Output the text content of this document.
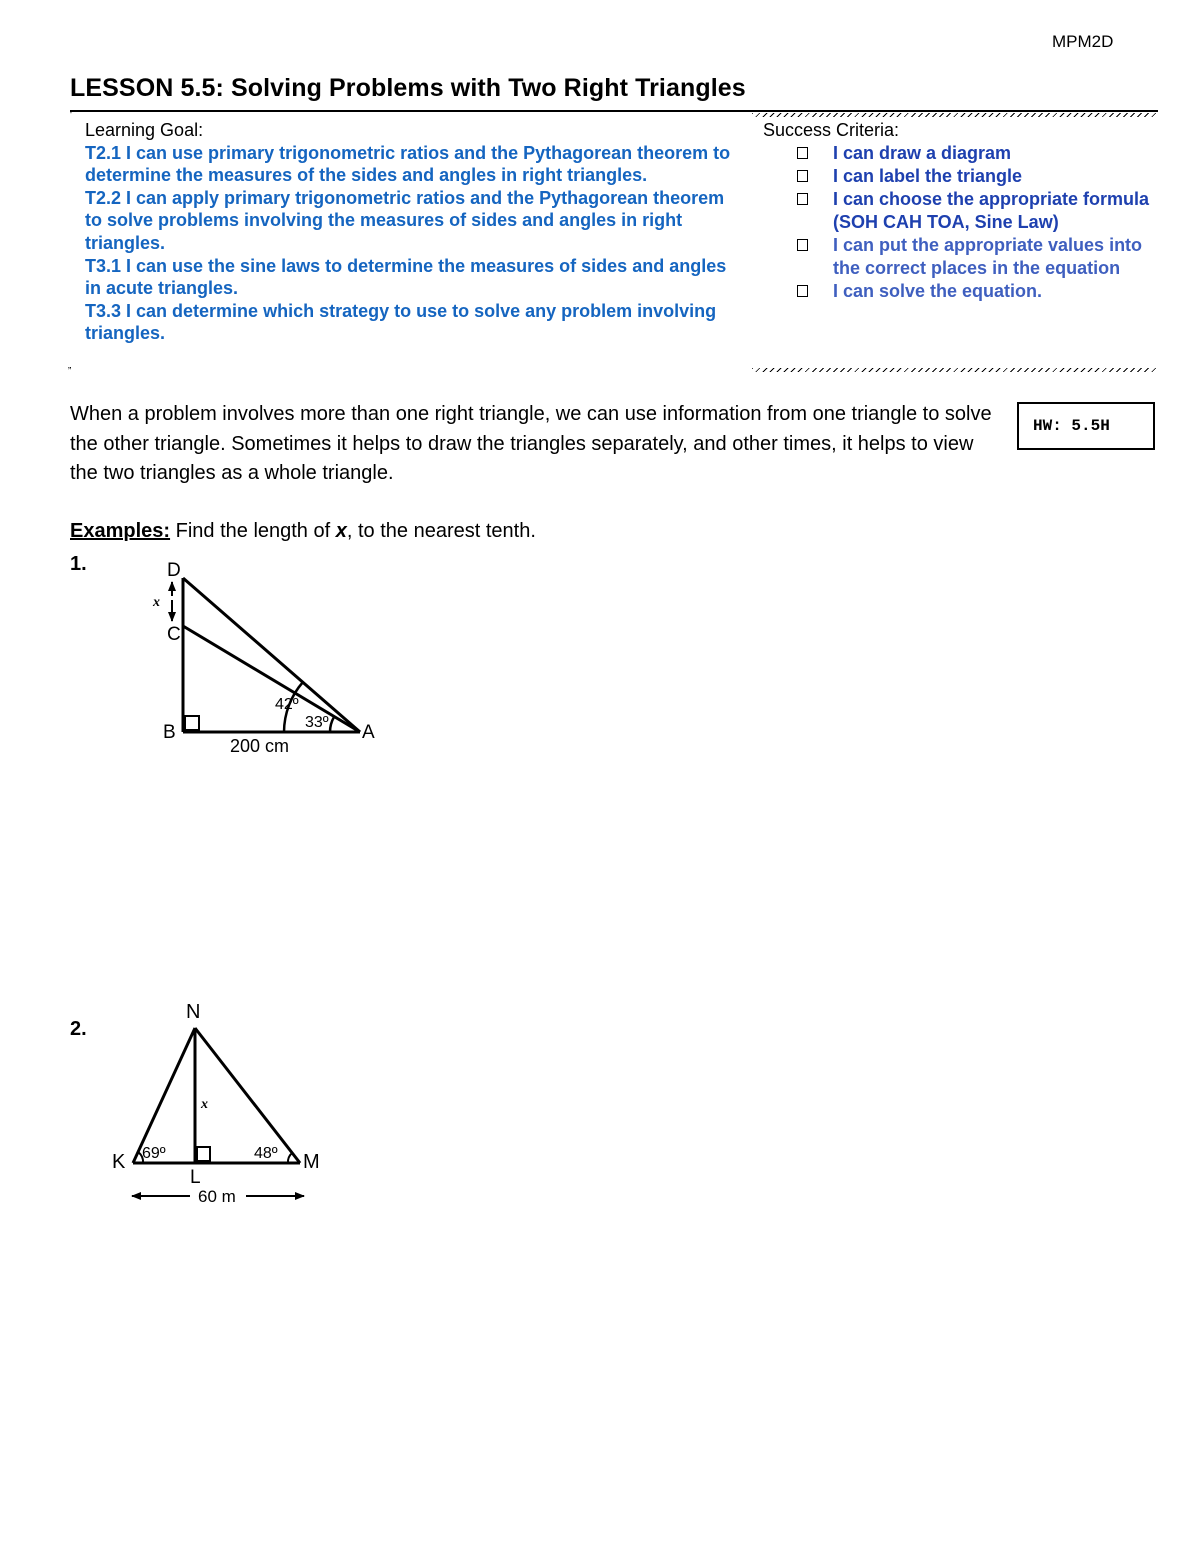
MPM2D
LESSON 5.5: Solving Problems with Two Right Triangles
'
„
Learning Goal:
T2.1 I can use primary trigonometric ratios and the Pythagorean theorem to determine the measures of the sides and angles in right triangles.
T2.2 I can apply primary trigonometric ratios and the Pythagorean theorem to solve problems involving the measures of sides and angles in right triangles.
T3.1 I can use the sine laws to determine the measures of sides and angles in acute triangles.
T3.3 I can determine which strategy to use to solve any problem involving triangles.
Success Criteria:
I can draw a diagram
I can label the triangle
I can choose the appropriate formula (SOH CAH TOA, Sine Law)
I can put the appropriate values into the correct places in the equation
I can solve the equation.
When a problem involves more than one right triangle, we can use information from one triangle to solve the other triangle. Sometimes it helps to draw the triangles separately, and other times, it helps to view the two triangles as a whole triangle.
HW: 5.5H
Examples: Find the length of x, to the nearest tenth.
1.	D
C
B	A
x
42º
33º
200 cm
N
K
L
M
x
69º	48º
60 m
2.
